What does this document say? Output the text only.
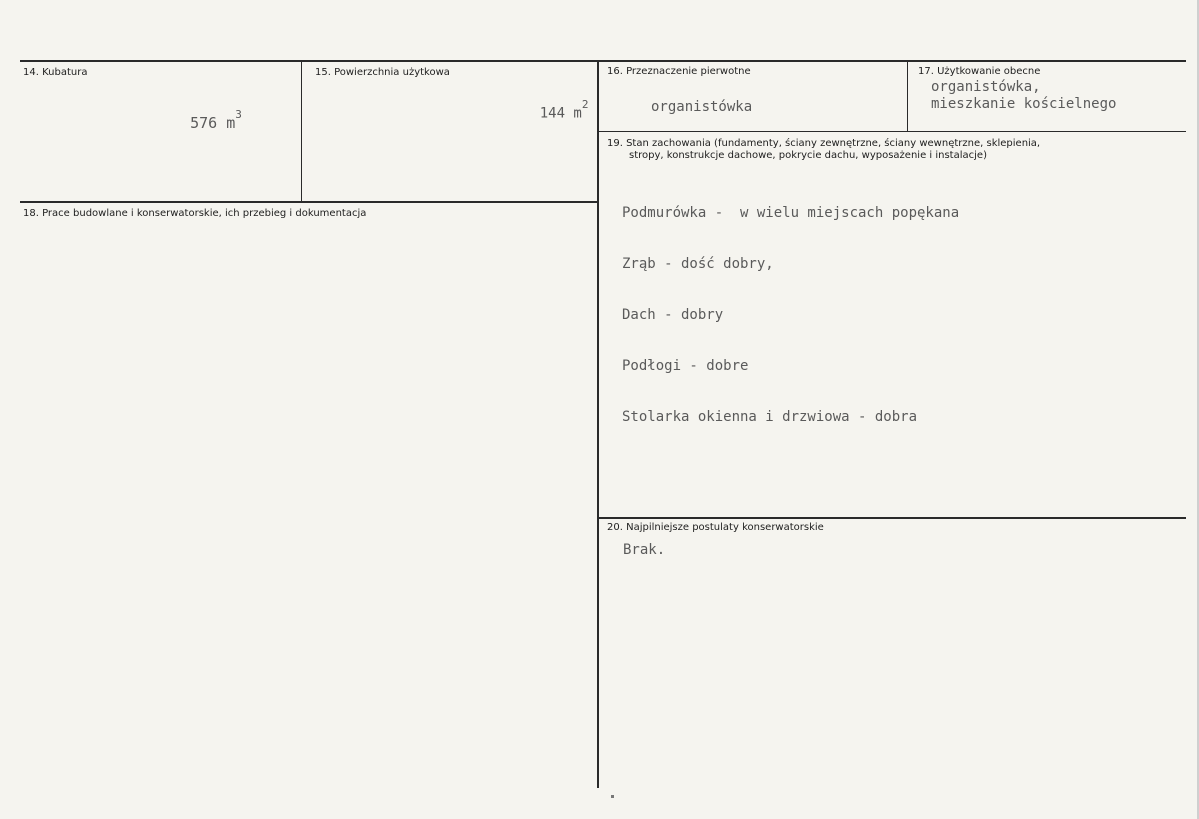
14. Kubatura

576 $m^3$

15. Powierzchnia użytkowa

144 $m^2$

16. Przeznaczenie pierwotne
organistówka
17. Użytkowanie obecne
organistówka,
mieszkanie kościelnego
18. Prace budowlane i konserwatorskie, ich przebieg i dokumentacja
19. Stan zachowania (fundamenty, ściany zewnętrzne, ściany wewnętrzne, sklepienia,
stropy, konstrukcje dachowe, pokrycie dachu, wyposażenie i instalacje)

Podmurówka -  w wielu miejscach popękana

Zrąb - dość dobry,

Dach - dobry

Podłogi - dobre

Stolarka okienna i drzwiowa - dobra

20. Najpilniejsze postulaty konserwatorskie
Brak.
